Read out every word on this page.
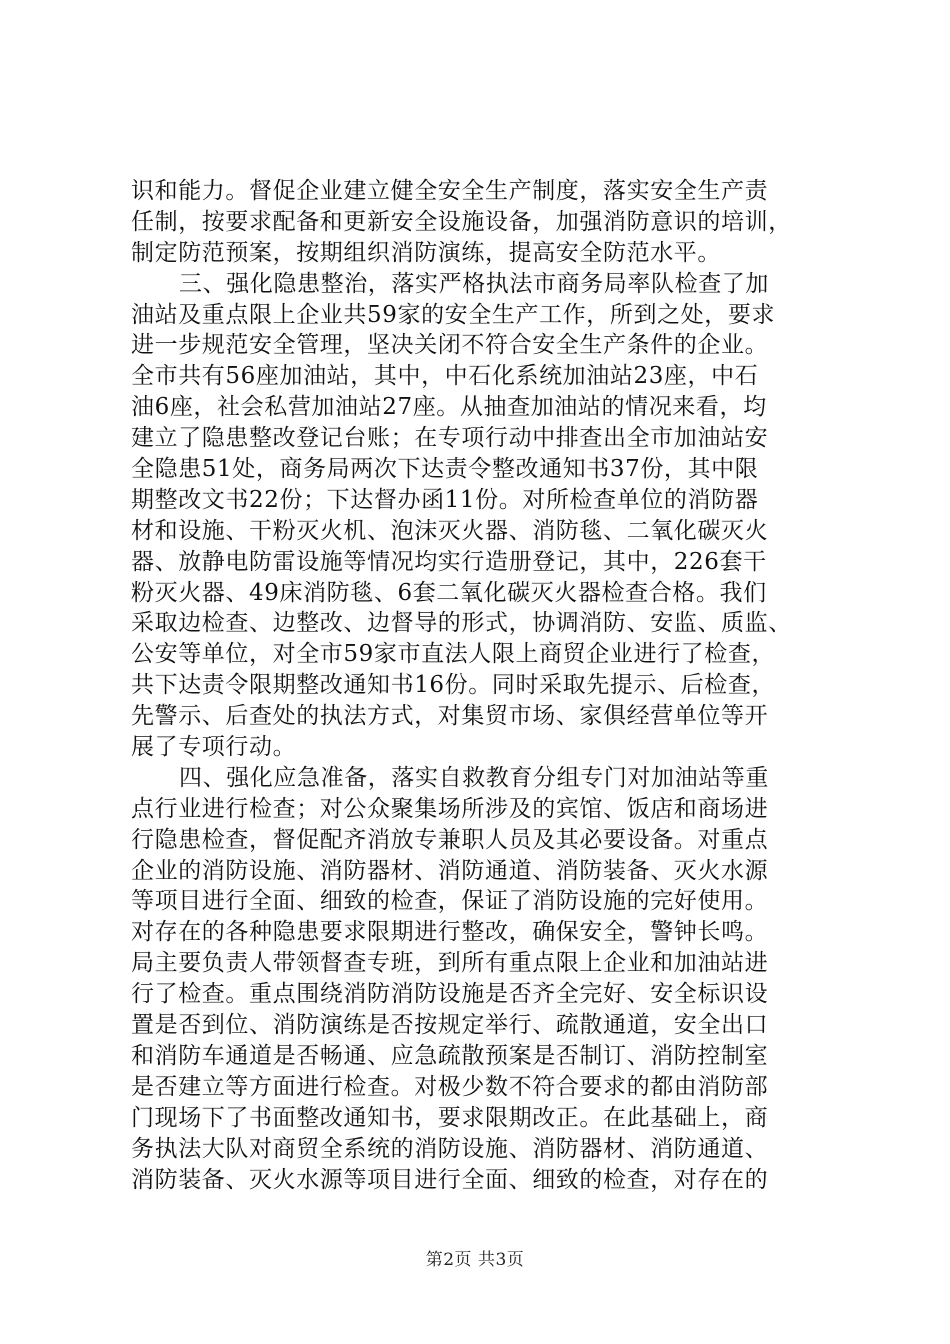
识和能力。督促企业建立健全安全生产制度，落实安全生产责
任制，按要求配备和更新安全设施设备，加强消防意识的培训，
制定防范预案，按期组织消防演练，提高安全防范水平。
三、强化隐患整治，落实严格执法市商务局率队检查了加
油站及重点限上企业共59家的安全生产工作，所到之处，要求
进一步规范安全管理，坚决关闭不符合安全生产条件的企业。
全市共有56座加油站，其中，中石化系统加油站23座，中石
油6座，社会私营加油站27座。从抽查加油站的情况来看，均
建立了隐患整改登记台账；在专项行动中排查出全市加油站安
全隐患51处，商务局两次下达责令整改通知书37份，其中限
期整改文书22份；下达督办函11份。对所检查单位的消防器
材和设施、干粉灭火机、泡沫灭火器、消防毯、二氧化碳灭火
器、放静电防雷设施等情况均实行造册登记，其中，226套干
粉灭火器、49床消防毯、6套二氧化碳灭火器检查合格。我们
采取边检查、边整改、边督导的形式，协调消防、安监、质监、
公安等单位，对全市59家市直法人限上商贸企业进行了检查，
共下达责令限期整改通知书16份。同时采取先提示、后检查，
先警示、后查处的执法方式，对集贸市场、家俱经营单位等开
展了专项行动。
四、强化应急准备，落实自救教育分组专门对加油站等重
点行业进行检查；对公众聚集场所涉及的宾馆、饭店和商场进
行隐患检查，督促配齐消放专兼职人员及其必要设备。对重点
企业的消防设施、消防器材、消防通道、消防装备、灭火水源
等项目进行全面、细致的检查，保证了消防设施的完好使用。
对存在的各种隐患要求限期进行整改，确保安全，警钟长鸣。
局主要负责人带领督查专班，到所有重点限上企业和加油站进
行了检查。重点围绕消防消防设施是否齐全完好、安全标识设
置是否到位、消防演练是否按规定举行、疏散通道，安全出口
和消防车通道是否畅通、应急疏散预案是否制订、消防控制室
是否建立等方面进行检查。对极少数不符合要求的都由消防部
门现场下了书面整改通知书，要求限期改正。在此基础上，商
务执法大队对商贸全系统的消防设施、消防器材、消防通道、
消防装备、灭火水源等项目进行全面、细致的检查，对存在的
第2页 共3页
